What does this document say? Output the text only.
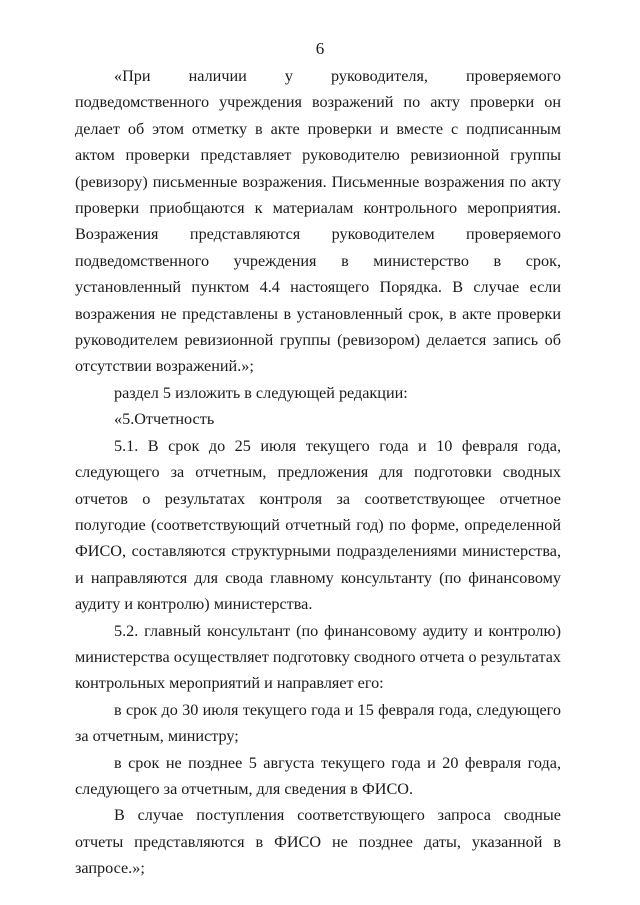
6

«При наличии у руководителя, проверяемого подведомственного учреждения возражений по акту проверки он делает об этом отметку в акте проверки и вместе с подписанным актом проверки представляет руководителю ревизионной группы (ревизору) письменные возражения. Письменные возражения по акту проверки приобщаются к материалам контрольного мероприятия. Возражения представляются руководителем проверяемого подведомственного учреждения в министерство в срок, установленный пунктом 4.4 настоящего Порядка. В случае если возражения не представлены в установленный срок, в акте проверки руководителем ревизионной группы (ревизором) делается запись об отсутствии возражений.»;

раздел 5 изложить в следующей редакции:

«5.Отчетность

5.1. В срок до 25 июля текущего года и 10 февраля года, следующего за отчетным, предложения для подготовки сводных отчетов о результатах контроля за соответствующее отчетное полугодие (соответствующий отчетный год) по форме, определенной ФИСО, составляются структурными подразделениями министерства, и направляются для свода главному консультанту (по финансовому аудиту и контролю) министерства.

5.2. главный консультант (по финансовому аудиту и контролю) министерства осуществляет подготовку сводного отчета о результатах контрольных мероприятий и направляет его:

в срок до 30 июля текущего года и 15 февраля года, следующего за отчетным, министру;

в срок не позднее 5 августа текущего года и 20 февраля года, следующего за отчетным, для сведения в ФИСО.

В случае поступления соответствующего запроса сводные отчеты представляются в ФИСО не позднее даты, указанной в запросе.»;
